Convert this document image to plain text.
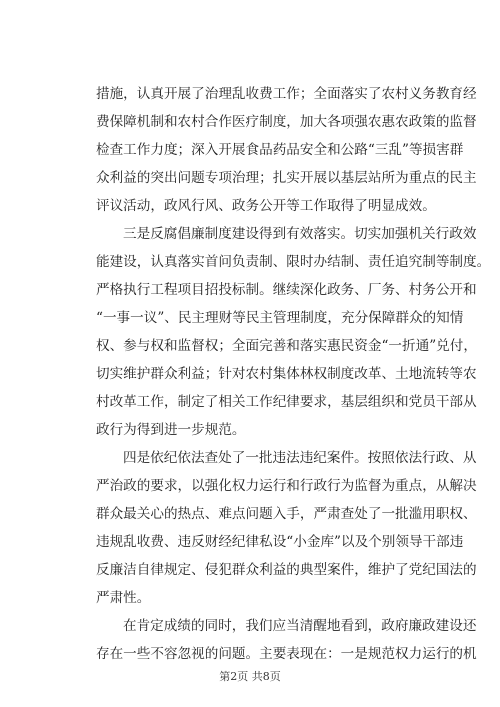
措施，认真开展了治理乱收费工作；全面落实了农村义务教育经
费保障机制和农村合作医疗制度，加大各项强农惠农政策的监督
检查工作力度；深入开展食品药品安全和公路“三乱”等损害群
众利益的突出问题专项治理；扎实开展以基层站所为重点的民主
评议活动，政风行风、政务公开等工作取得了明显成效。
三是反腐倡廉制度建设得到有效落实。切实加强机关行政效
能建设，认真落实首问负责制、限时办结制、责任追究制等制度。
严格执行工程项目招投标制。继续深化政务、厂务、村务公开和
“一事一议”、民主理财等民主管理制度，充分保障群众的知情
权、参与权和监督权；全面完善和落实惠民资金“一折通”兑付，
切实维护群众利益；针对农村集体林权制度改革、土地流转等农
村改革工作，制定了相关工作纪律要求，基层组织和党员干部从
政行为得到进一步规范。
四是依纪依法查处了一批违法违纪案件。按照依法行政、从
严治政的要求，以强化权力运行和行政行为监督为重点，从解决
群众最关心的热点、难点问题入手，严肃查处了一批滥用职权、
违规乱收费、违反财经纪律私设“小金库”以及个别领导干部违
反廉洁自律规定、侵犯群众利益的典型案件，维护了党纪国法的
严肃性。
在肯定成绩的同时，我们应当清醒地看到，政府廉政建设还
存在一些不容忽视的问题。主要表现在：一是规范权力运行的机
第2页 共8页
